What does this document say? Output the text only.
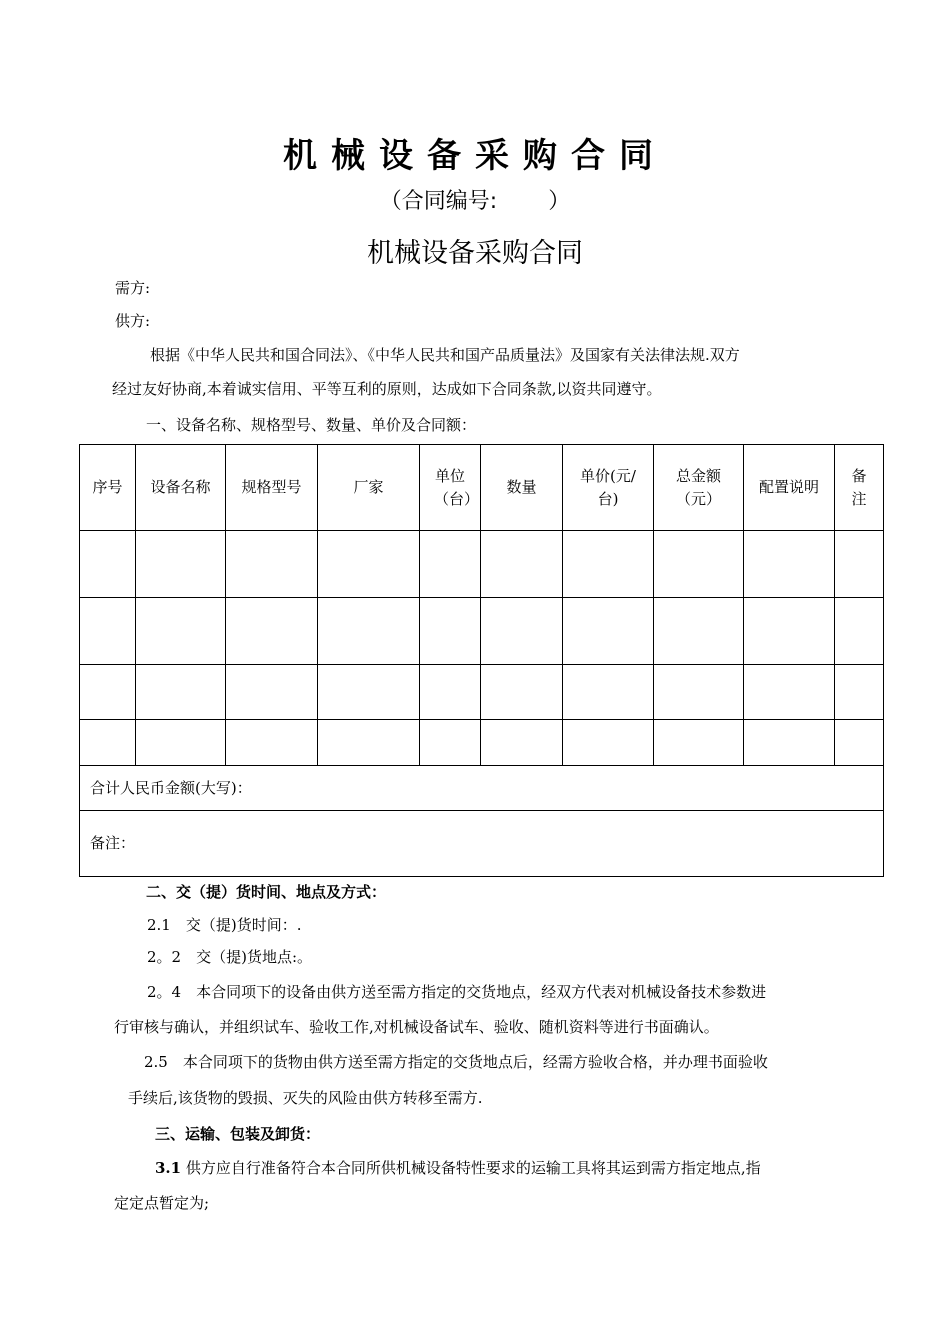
机械设备采购合同
（合同编号:　　 ）
机械设备采购合同
需方:
供方:
根据《中华人民共和国合同法》、《中华人民共和国产品质量法》及国家有关法律法规.双方
经过友好协商,本着诚实信用、平等互利的原则，达成如下合同条款,以资共同遵守。
一、设备名称、规格型号、数量、单价及合同额：
序号	设备名称	规格型号	厂家	单位（台）	数量	单价(元/台)	总金额（元）	配置说明	备注

合计人民币金额(大写)：									
备注：									
二、交（提）货时间、地点及方式：
2.1　交（提)货时间：.
2。2　交（提)货地点:。
2。4　本合同项下的设备由供方送至需方指定的交货地点，经双方代表对机械设备技术参数进
行审核与确认，并组织试车、验收工作,对机械设备试车、验收、随机资料等进行书面确认。
2.5　本合同项下的货物由供方送至需方指定的交货地点后，经需方验收合格，并办理书面验收
手续后,该货物的毁损、灭失的风险由供方转移至需方.
三、运输、包装及卸货：
3.1 供方应自行准备符合本合同所供机械设备特性要求的运输工具将其运到需方指定地点,指
定定点暂定为;
